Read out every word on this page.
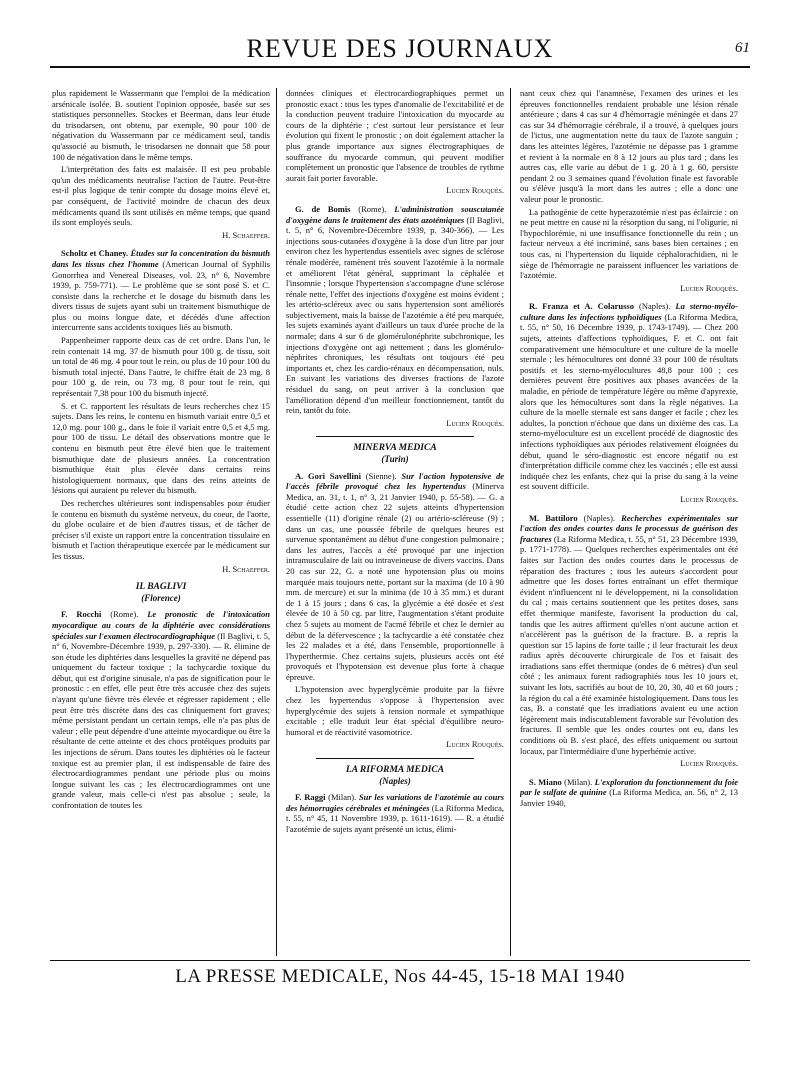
REVUE DES JOURNAUX	61

plus rapidement le Wassermann que l'emploi de la médication arsénicale isolée. B. soutient l'opinion opposée, basée sur ses statistiques personnelles. Stockes et Beerman, dans leur étude du trisodarsen, ont obtenu, par exemple, 90 pour 100 de négativation du Wassermann par ce médicament seul, tandis qu'associé au bismuth, le trisodarsen ne donnait que 58 pour 100 de négativation dans le même temps.

L'interprétation des faits est malaisée. Il est peu probable qu'un des médicaments neutralise l'action de l'autre. Peut-être est-il plus logique de tenir compte du dosage moins élevé et, par conséquent, de l'activité moindre de chacun des deux médicaments quand ils sont utilisés en même temps, que quand ils sont employés seuls.

H. Schaeffer.

Scholtz et Chaney. Études sur la concentration du bismuth dans les tissus chez l'homme (American Journal of Syphilis Gonorrhea and Venereal Diseases, vol. 23, n° 6, Novembre 1939, p. 759-771). — Le problème que se sont posé S. et C. consiste dans la recherche et le dosage du bismuth dans les divers tissus de sujets ayant subi un traitement bismuthique de plus ou moins longue date, et décédés d'une affection intercurrente sans accidents toxiques liés au bismuth.

Pappenheimer rapporte deux cas de cet ordre. Dans l'un, le rein contenait 14 mg. 37 de bismuth pour 100 g. de tissu, soit un total de 46 mg. 4 pour tout le rein, ou plus de 10 pour 100 du bismuth total injecté. Dans l'autre, le chiffre était de 23 mg. 8 pour 100 g. de rein, ou 73 mg. 8 pour tout le rein, qui représentait 7,38 pour 100 du bismuth injecté.

S. et C. rapportent les résultats de leurs recherches chez 15 sujets. Dans les reins, le contenu en bismuth variait entre 0,5 et 12,0 mg. pour 100 g., dans le foie il variait entre 0,5 et 4,5 mg. pour 100 de tissu. Le détail des observations montre que le contenu en bismuth peut être élevé bien que le traitement bismuthique date de plusieurs années. La concentration bismuthique était plus élevée dans certains reins histologiquement normaux, que dans des reins atteints de lésions qui auraient pu relever du bismuth.

Des recherches ultérieures sont indispensables pour étudier le contenu en bismuth du système nerveux, du coeur, de l'aorte, du globe oculaire et de bien d'autres tissus, et de tâcher de préciser s'il existe un rapport entre la concentration tissulaire en bismuth et l'action thérapeutique exercée par le médicament sur les tissus.

H. Schaeffer.
IL BAGLIVI
(Florence)

F. Rocchi (Rome). Le pronostic de l'intoxication myocardique au cours de la diphtérie avec considérations spéciales sur l'examen électrocardiographique (Il Baglivi, t. 5, n° 6, Novembre-Décembre 1939, p. 297-330). — R. élimine de son étude les diphtéries dans lesquelles la gravité ne dépend pas uniquement du facteur toxique ; la tachycardie toxique du début, qui est d'origine sinusale, n'a pas de signification pour le pronostic : en effet, elle peut être très accusée chez des sujets n'ayant qu'une fièvre très élevée et régresser rapidement ; elle peut être très discrète dans des cas cliniquement fort graves; même persistant pendant un certain temps, elle n'a pas plus de valeur ; elle peut dépendre d'une atteinte myocardique ou être la résultante de cette atteinte et des chocs protéiques produits par les injections de sérum. Dans toutes les diphtéries où le facteur toxique est au premier plan, il est indispensable de faire des électrocardiogrammes pendant une période plus ou moins longue suivant les cas ; les électrocardiogrammes ont une grande valeur, mais celle-ci n'est pas absolue ; seule, la confrontation de toutes les

données cliniques et électrocardiographiques permet un pronostic exact : tous les types d'anomalie de l'excitabilité et de la conduction peuvent traduire l'intoxication du myocarde au cours de la diphtérie ; c'est surtout leur persistance et leur évolution qui fixent le pronostic ; on doit également attacher la plus grande importance aux signes électrographiques de souffrance du myocarde commun, qui peuvent modifier complètement un pronostic que l'absence de troubles de rythme aurait fait porter favorable.

Lucien Rouquès.

G. de Bomis (Rome). L'administration souscutanée d'oxygène dans le traitement des états azotémiques (Il Baglivi, t. 5, n° 6, Novembre-Décembre 1939, p. 340-366). — Les injections sous-cutanées d'oxygène à la dose d'un litre par jour environ chez les hypertendus essentiels avec signes de sclérose rénale modérée, ramènent très souvent l'azotémie à la normale et améliorent l'état général, supprimant la céphalée et l'insomnie ; lorsque l'hypertension s'accompagne d'une sclérose rénale nette, l'effet des injections d'oxygène est moins évident ; les artério-scléreux avec ou sans hypertension sont améliorés subjectivement, mais la baisse de l'azotémie a été peu marquée, les sujets examinés ayant d'ailleurs un taux d'urée proche de la normale; dans 4 sur 6 de glomérulonéphrite subchronique, les injections d'oxygène ont agi nettement ; dans les glomérulo-néphrites chroniques, les résultats ont toujours été peu importants et, chez les cardio-rénaux en décompensation, nuls. En suivant les variations des diverses fractions de l'azote résiduel du sang, on peut arriver à la conclusion que l'amélioration dépend d'un meilleur fonctionnement, tantôt du rein, tantôt du foie.

Lucien Rouquès.
MINERVA MEDICA
(Turin)

A. Gori Savellini (Sienne). Sur l'action hypotensive de l'accès fébrile provoqué chez les hypertendus (Minerva Medica, an. 31, t. 1, n° 3, 21 Janvier 1940, p. 55-58). — G. a étudié cette action chez 22 sujets atteints d'hypertension essentielle (11) d'origine rénale (2) ou artério-scléreuse (9) ; dans un cas, une poussée fébrile de quelques heures est survenue spontanément au début d'une congestion pulmonaire ; dans les autres, l'accès a été provoqué par une injection intramusculaire de lait ou intraveineuse de divers vaccins. Dans 20 cas sur 22, G. a noté une hypotension plus ou moins marquée mais toujours nette, portant sur la maxima (de 10 à 90 mm. de mercure) et sur la minima (de 10 à 35 mm.) et durant de 1 à 15 jours ; dans 6 cas, la glycémie a été dosée et s'est élevée de 10 à 50 cg. par litre, l'augmentation s'étant produite chez 5 sujets au moment de l'acmé fébrile et chez le dernier au début de la défervescence ; la tachycardie a été constatée chez les 22 malades et a été, dans l'ensemble, proportionnelle à l'hyperthermie. Chez certains sujets, plusieurs accès ont été provoqués et l'hypotension est devenue plus forte à chaque épreuve.

L'hypotension avec hyperglycémie produite par la fièvre chez les hypertendus s'oppose à l'hypertension avec hyperglycémie des sujets à tension normale et sympathique excitable ; elle traduit leur état spécial d'équilibre neuro-humoral et de réactivité vasomotrice.

Lucien Rouquès.
LA RIFORMA MEDICA
(Naples)

F. Raggi (Milan). Sur les variations de l'azotémie au cours des hémorragies cérébrales et méningées (La Riforma Medica, t. 55, n° 45, 11 Novembre 1939, p. 1611-1619). — R. a étudié l'azotémie de sujets ayant présenté un ictus, élimi-

nant ceux chez qui l'anamnèse, l'examen des urines et les épreuves fonctionnelles rendaient probable une lésion rénale antérieure ; dans 4 cas sur 4 d'hémorragie méningée et dans 27 cas sur 34 d'hémorragie cérébrale, il a trouvé, à quelques jours de l'ictus, une augmentation nette du taux de l'azote sanguin ; dans les atteintes légères, l'azotémie ne dépasse pas 1 gramme et revient à la normale en 8 à 12 jours au plus tard ; dans les autres cas, elle varie au début de 1 g. 20 à 1 g. 60, persiste pendant 2 ou 3 semaines quand l'évolution finale est favorable ou s'élève jusqu'à la mort dans les autres ; elle a donc une valeur pour le pronostic.

La pathogénie de cette hyperazotémie n'est pas éclaircie : on ne peut mettre en cause ni la résorption du sang, ni l'oligurie, ni l'hypochlorémie, ni une insuffisance fonctionnelle du rein ; un facteur nerveux a été incriminé, sans bases bien certaines ; en tous cas, ni l'hypertension du liquide céphalorachidien, ni le siège de l'hémorragie ne paraissent influencer les variations de l'azotémie.

Lucien Rouquès.

R. Franza et A. Colarusso (Naples). La sterno-myélo-culture dans les infections typhoïdiques (La Riforma Medica, t. 55, n° 50, 16 Décembre 1939, p. 1743-1749). — Chez 200 sujets, atteints d'affections typhoïdiques, F. et C. ont fait comparativement une hémoculture et une culture de la moelle sternale ; les hémocultures ont donné 33 pour 100 de résultats positifs et les sterno-myélocultures 48,8 pour 100 ; ces dernières peuvent être positives aux phases avancées de la maladie, en période de température légère ou même d'apyrexie, alors que les hémocultures sont dans la règle négatives. La culture de la moelle sternale est sans danger et facile ; chez les adultes, la ponction n'échoue que dans un dixième des cas. La sterno-myéloculture est un excellent procédé de diagnostic des infections typhoïdiques aux périodes relativement éloignées du début, quand le séro-diagnostic est encore négatif ou est d'interprétation difficile comme chez les vaccinés ; elle est aussi indiquée chez les enfants, chez qui la prise du sang à la veine est souvent difficile.

Lucien Rouquès.

M. Battiloro (Naples). Recherches expérimentales sur l'action des ondes courtes dans le processus de guérison des fractures (La Riforma Medica, t. 55, n° 51, 23 Décembre 1939, p. 1771-1778). — Quelques recherches expérimentales ont été faites sur l'action des ondes courtes dans le processus de réparation des fractures ; tous les auteurs s'accordent pour admettre que les doses fortes entraînant un effet thermique évident n'influencent ni le développement, ni la consolidation du cal ; mais certains soutiennent que les petites doses, sans effet thermique manifeste, favorisent la production du cal, tandis que les autres affirment qu'elles n'ont aucune action et n'accélèrent pas la guérison de la fracture. B. a repris la question sur 15 lapins de forte taille ; il leur fracturait les deux radius après découverte chirurgicale de l'os et faisait des irradiations sans effet thermique (ondes de 6 mètres) d'un seul côté ; les animaux furent radiographiés tous les 10 jours et, suivant les lots, sacrifiés au bout de 10, 20, 30, 40 et 60 jours ; la région du cal a été examinée histologiquement. Dans tous les cas, B. a constaté que les irradiations avaient eu une action légèrement mais indiscutablement favorable sur l'évolution des fractures. Il semble que les ondes courtes ont eu, dans les conditions où B. s'est placé, des effets uniquement ou surtout locaux, par l'intermédiaire d'une hyperhémie active.

Lucien Rouquès.

S. Miano (Milan). L'exploration du fonctionnement du foie par le sulfate de quinine (La Riforma Medica, an. 56, n° 2, 13 Janvier 1940,

LA PRESSE MEDICALE, Nos 44-45, 15-18 MAI 1940
